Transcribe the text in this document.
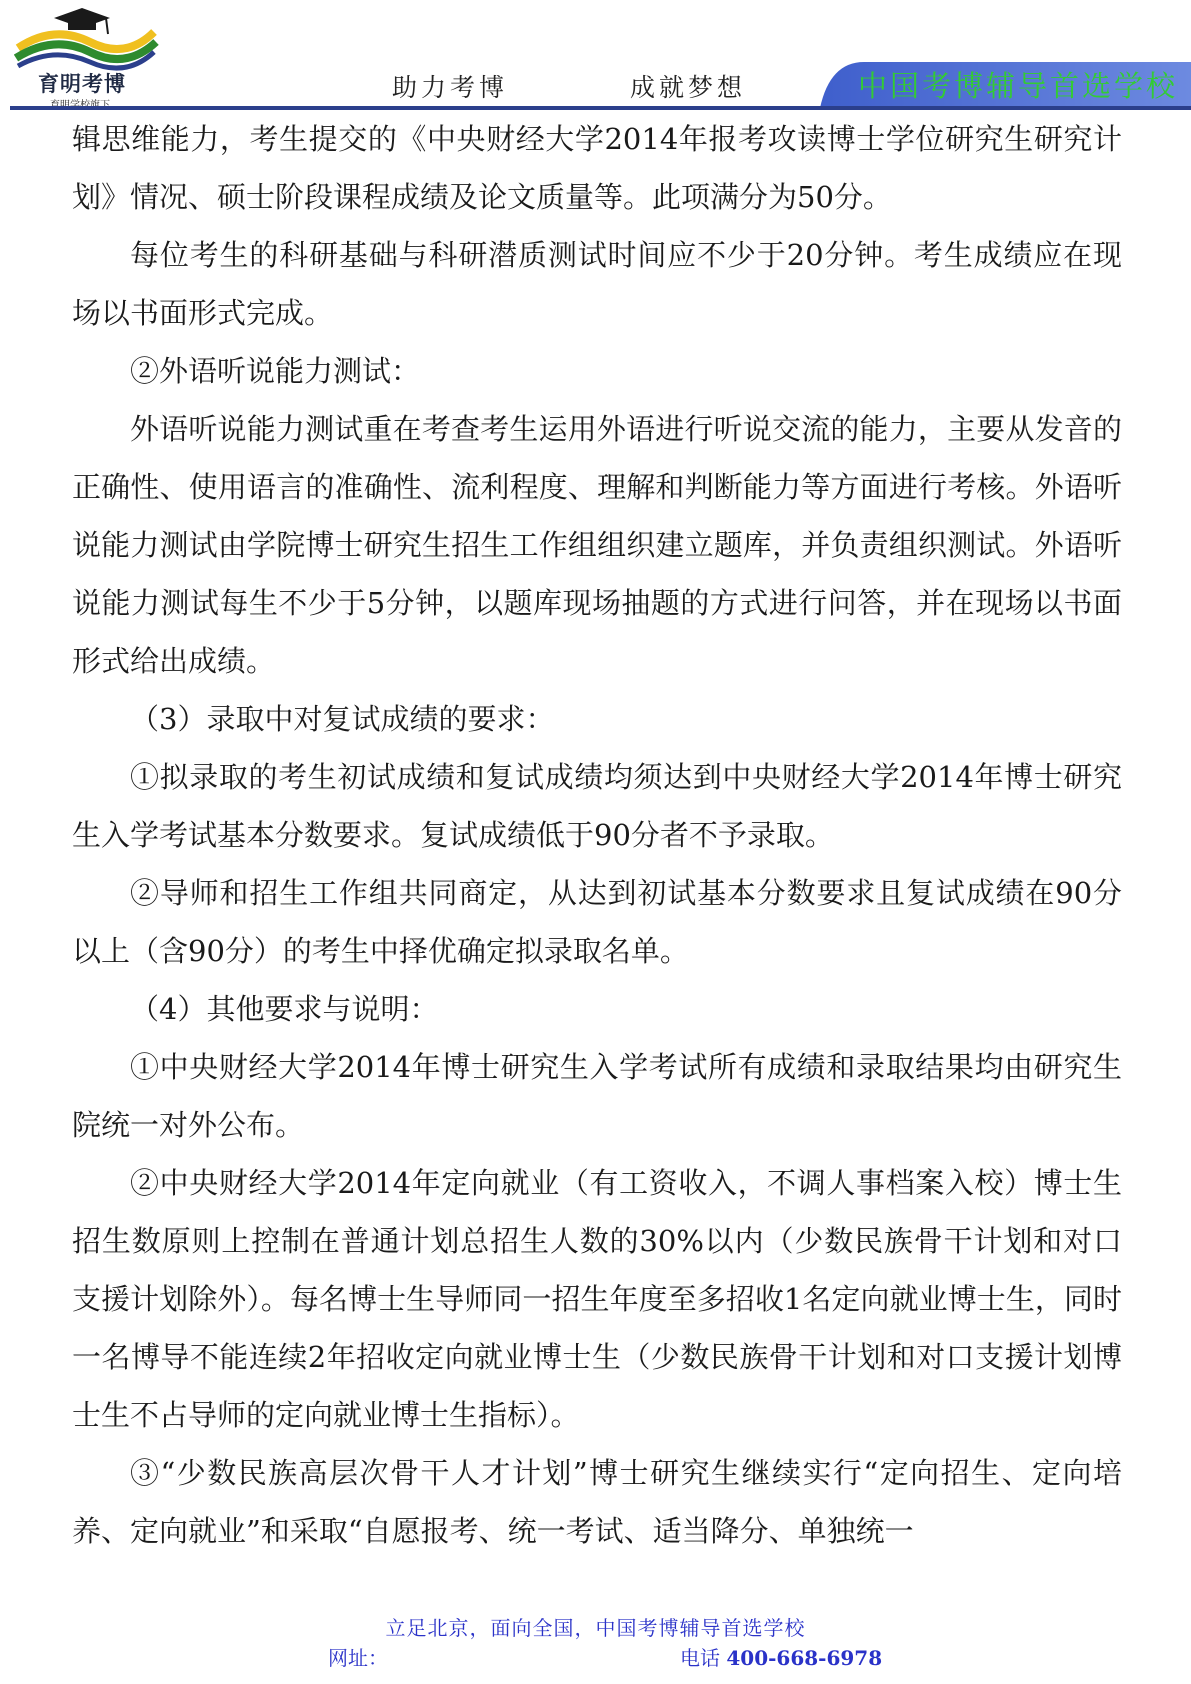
育明考博	助力考博	成就梦想	中国考博辅导首选学校

辑思维能力，考生提交的《中央财经大学2014年报考攻读博士学位研究生研究计划》情况、硕士阶段课程成绩及论文质量等。此项满分为50分。

每位考生的科研基础与科研潜质测试时间应不少于20分钟。考生成绩应在现场以书面形式完成。

②外语听说能力测试：

外语听说能力测试重在考查考生运用外语进行听说交流的能力，主要从发音的正确性、使用语言的准确性、流利程度、理解和判断能力等方面进行考核。外语听说能力测试由学院博士研究生招生工作组组织建立题库，并负责组织测试。外语听说能力测试每生不少于5分钟，以题库现场抽题的方式进行问答，并在现场以书面形式给出成绩。

（3）录取中对复试成绩的要求：

①拟录取的考生初试成绩和复试成绩均须达到中央财经大学2014年博士研究生入学考试基本分数要求。复试成绩低于90分者不予录取。

②导师和招生工作组共同商定，从达到初试基本分数要求且复试成绩在90分以上（含90分）的考生中择优确定拟录取名单。

（4）其他要求与说明：

①中央财经大学2014年博士研究生入学考试所有成绩和录取结果均由研究生院统一对外公布。

②中央财经大学2014年定向就业（有工资收入，不调人事档案入校）博士生招生数原则上控制在普通计划总招生人数的30%以内（少数民族骨干计划和对口支援计划除外）。每名博士生导师同一招生年度至多招收1名定向就业博士生，同时一名博导不能连续2年招收定向就业博士生（少数民族骨干计划和对口支援计划博士生不占导师的定向就业博士生指标）。

③“少数民族高层次骨干人才计划”博士研究生继续实行“定向招生、定向培养、定向就业”和采取“自愿报考、统一考试、适当降分、单独统一

立足北京，面向全国，中国考博辅导首选学校
网址：	电话 400-668-6978
